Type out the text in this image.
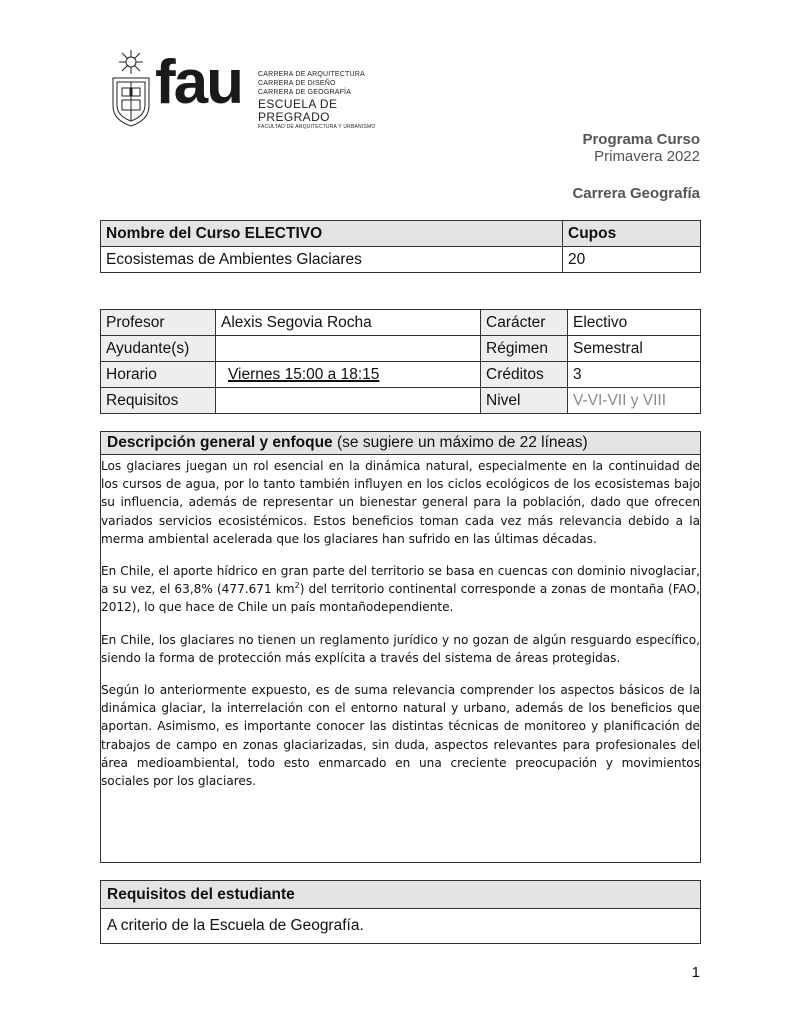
fau CARRERA DE ARQUITECTURA
CARRERA DE DISEÑO
CARRERA DE GEOGRAFÍA
ESCUELA DE PREGRADO
FACULTAD DE ARQUITECTURA Y URBANISMO
Programa Curso
Primavera 2022
Carrera Geografía
Nombre del Curso ELECTIVO	Cupos
Ecosistemas de Ambientes Glaciares	20
Profesor	Alexis Segovia Rocha	Carácter	Electivo
Ayudante(s)		Régimen	Semestral
Horario	Viernes 15:00 a 18:15	Créditos	3
Requisitos		Nivel	V-VI-VII y VIII
Descripción general y enfoque (se sugiere un máximo de 22 líneas)

Los glaciares juegan un rol esencial en la dinámica natural, especialmente en la continuidad de los cursos de agua, por lo tanto también influyen en los ciclos ecológicos de los ecosistemas bajo su influencia, además de representar un bienestar general para la población, dado que ofrecen variados servicios ecosistémicos. Estos beneficios toman cada vez más relevancia debido a la merma ambiental acelerada que los glaciares han sufrido en las últimas décadas.

En Chile, el aporte hídrico en gran parte del territorio se basa en cuencas con dominio nivoglaciar, a su vez, el 63,8% (477.671 $km^2$) del territorio continental corresponde a zonas de montaña (FAO, 2012), lo que hace de Chile un país montañodependiente.

En Chile, los glaciares no tienen un reglamento jurídico y no gozan de algún resguardo específico, siendo la forma de protección más explícita a través del sistema de áreas protegidas.

Según lo anteriormente expuesto, es de suma relevancia comprender los aspectos básicos de la dinámica glaciar, la interrelación con el entorno natural y urbano, además de los beneficios que aportan. Asimismo, es importante conocer las distintas técnicas de monitoreo y planificación de trabajos de campo en zonas glaciarizadas, sin duda, aspectos relevantes para profesionales del área medioambiental, todo esto enmarcado en una creciente preocupación y movimientos sociales por los glaciares.

Requisitos del estudiante
A criterio de la Escuela de Geografía.
1
